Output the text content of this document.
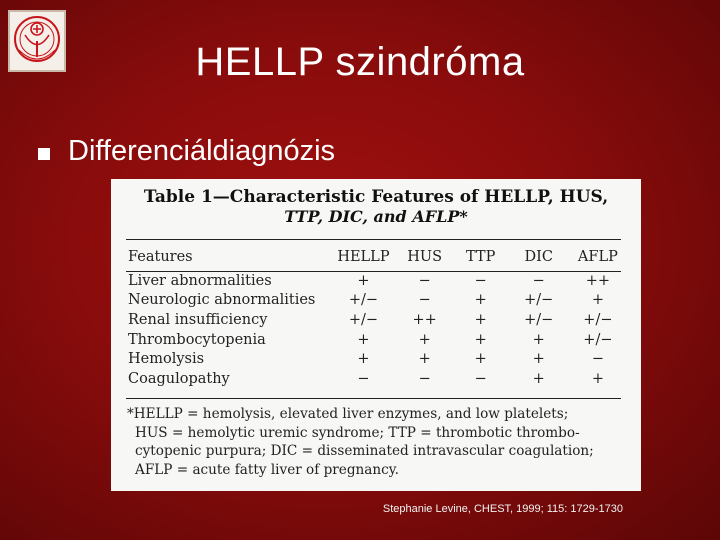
HELLP szindróma
Differenciáldiagnózis
Table 1—Characteristic Features of HELLP, HUS,
TTP, DIC, and AFLP*
Features	HELLP	HUS	TTP	DIC	AFLP
Liver abnormalities	+	−	−	−	++
Neurologic abnormalities	+/−	−	+	+/−	+
Renal insufficiency	+/−	++	+	+/−	+/−
Thrombocytopenia	+	+	+	+	+/−
Hemolysis	+	+	+	+	−
Coagulopathy	−	−	−	+	+

*HELLP = hemolysis, elevated liver enzymes, and low platelets;

HUS = hemolytic uremic syndrome; TTP = thrombotic thrombo-

cytopenic purpura; DIC = disseminated intravascular coagulation;

AFLP = acute fatty liver of pregnancy.

Stephanie Levine, CHEST, 1999; 115: 1729-1730
